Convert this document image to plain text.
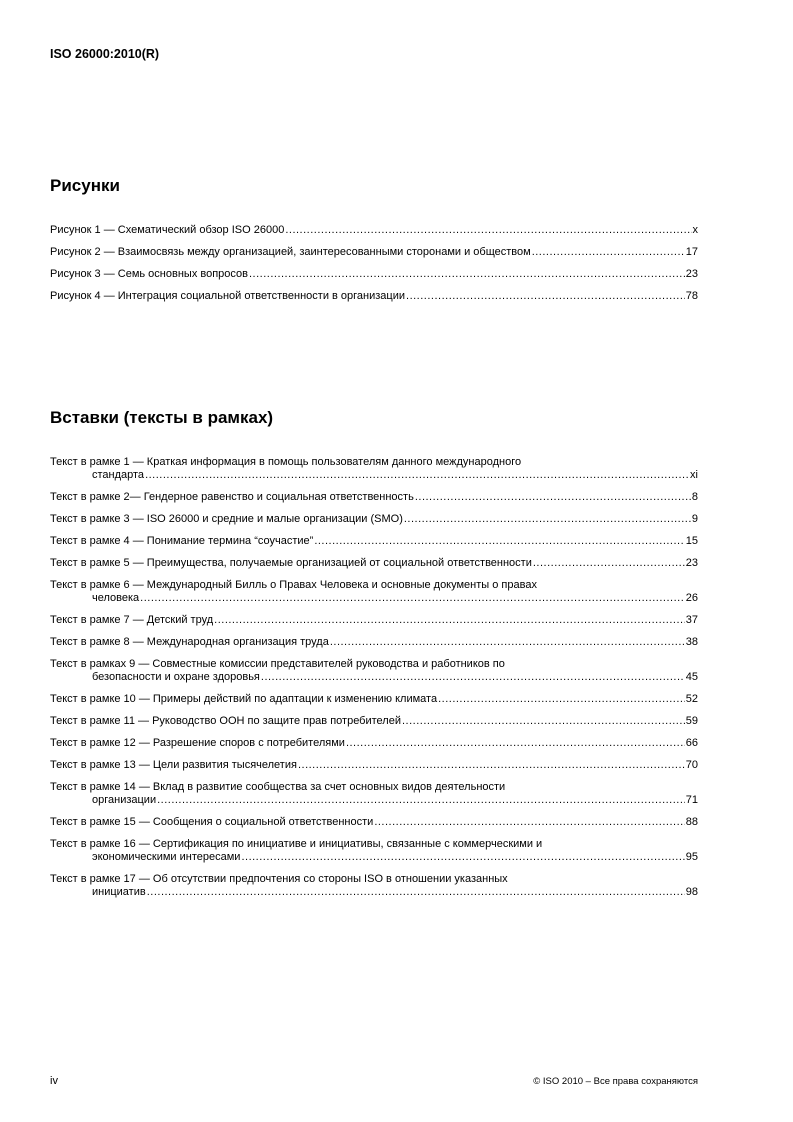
ISO 26000:2010(R)
Рисунки
Рисунок 1 — Схематический обзор ISO 26000 .....	x
Рисунок 2 — Взаимосвязь между организацией, заинтересованными сторонами и обществом .....	17
Рисунок 3 — Семь основных вопросов .....	23
Рисунок 4 — Интеграция социальной ответственности в организации .....	78
Вставки (тексты в рамках)
Текст в рамке 1 — Краткая информация в помощь пользователям данного международного
стандарта .....	xi
Текст в рамке 2— Гендерное равенство и социальная ответственность .....	8
Текст в рамке 3 — ISO 26000 и средние и малые организации (SMO) .....	9
Текст в рамке 4 — Понимание термина “соучастие” .....	15
Текст в рамке 5 — Преимущества, получаемые организацией от социальной ответственности .....	23
Текст в рамке 6 — Международный Билль о Правах Человека и основные документы о правах
человека .....	26
Текст в рамке 7 — Детский труд .....	37
Текст в рамке 8 — Международная организация труда .....	38
Текст в рамках 9 — Совместные комиссии представителей руководства и работников по
безопасности и охране здоровья .....	45
Текст в рамке 10 — Примеры действий по адаптации к изменению климата .....	52
Текст в рамке 11 — Руководство ООН по защите прав потребителей .....	59
Текст в рамке 12 — Разрешение споров с потребителями .....	66
Текст в рамке 13 — Цели развития тысячелетия .....	70
Текст в рамке 14 — Вклад в развитие сообщества за счет основных видов деятельности
организации .....	71
Текст в рамке 15 — Сообщения о социальной ответственности .....	88
Текст в рамке 16 — Сертификация по инициативе и инициативы, связанные с коммерческими и
экономическими интересами .....	95
Текст в рамке 17 — Об отсутствии предпочтения со стороны ISO в отношении указанных
инициатив .....	98
iv	© ISO 2010 – Все права сохраняются
